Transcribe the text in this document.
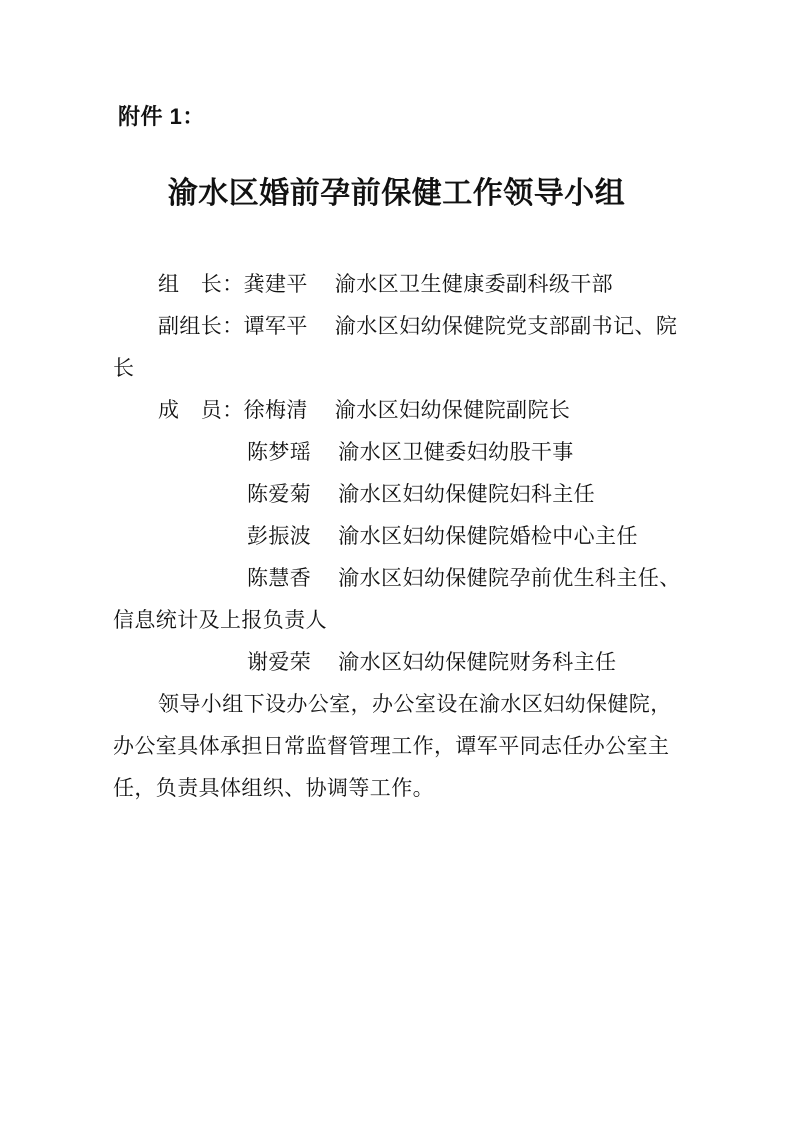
附件 1：
渝水区婚前孕前保健工作领导小组
组　长：龚建平　 渝水区卫生健康委副科级干部
副组长：谭军平　 渝水区妇幼保健院党支部副书记、院
长
成　员：徐梅清　 渝水区妇幼保健院副院长
陈梦瑶　 渝水区卫健委妇幼股干事
陈爱菊　 渝水区妇幼保健院妇科主任
彭振波　 渝水区妇幼保健院婚检中心主任
陈慧香　 渝水区妇幼保健院孕前优生科主任、
信息统计及上报负责人
谢爱荣　 渝水区妇幼保健院财务科主任
领导小组下设办公室，办公室设在渝水区妇幼保健院，
办公室具体承担日常监督管理工作，谭军平同志任办公室主
任，负责具体组织、协调等工作。
